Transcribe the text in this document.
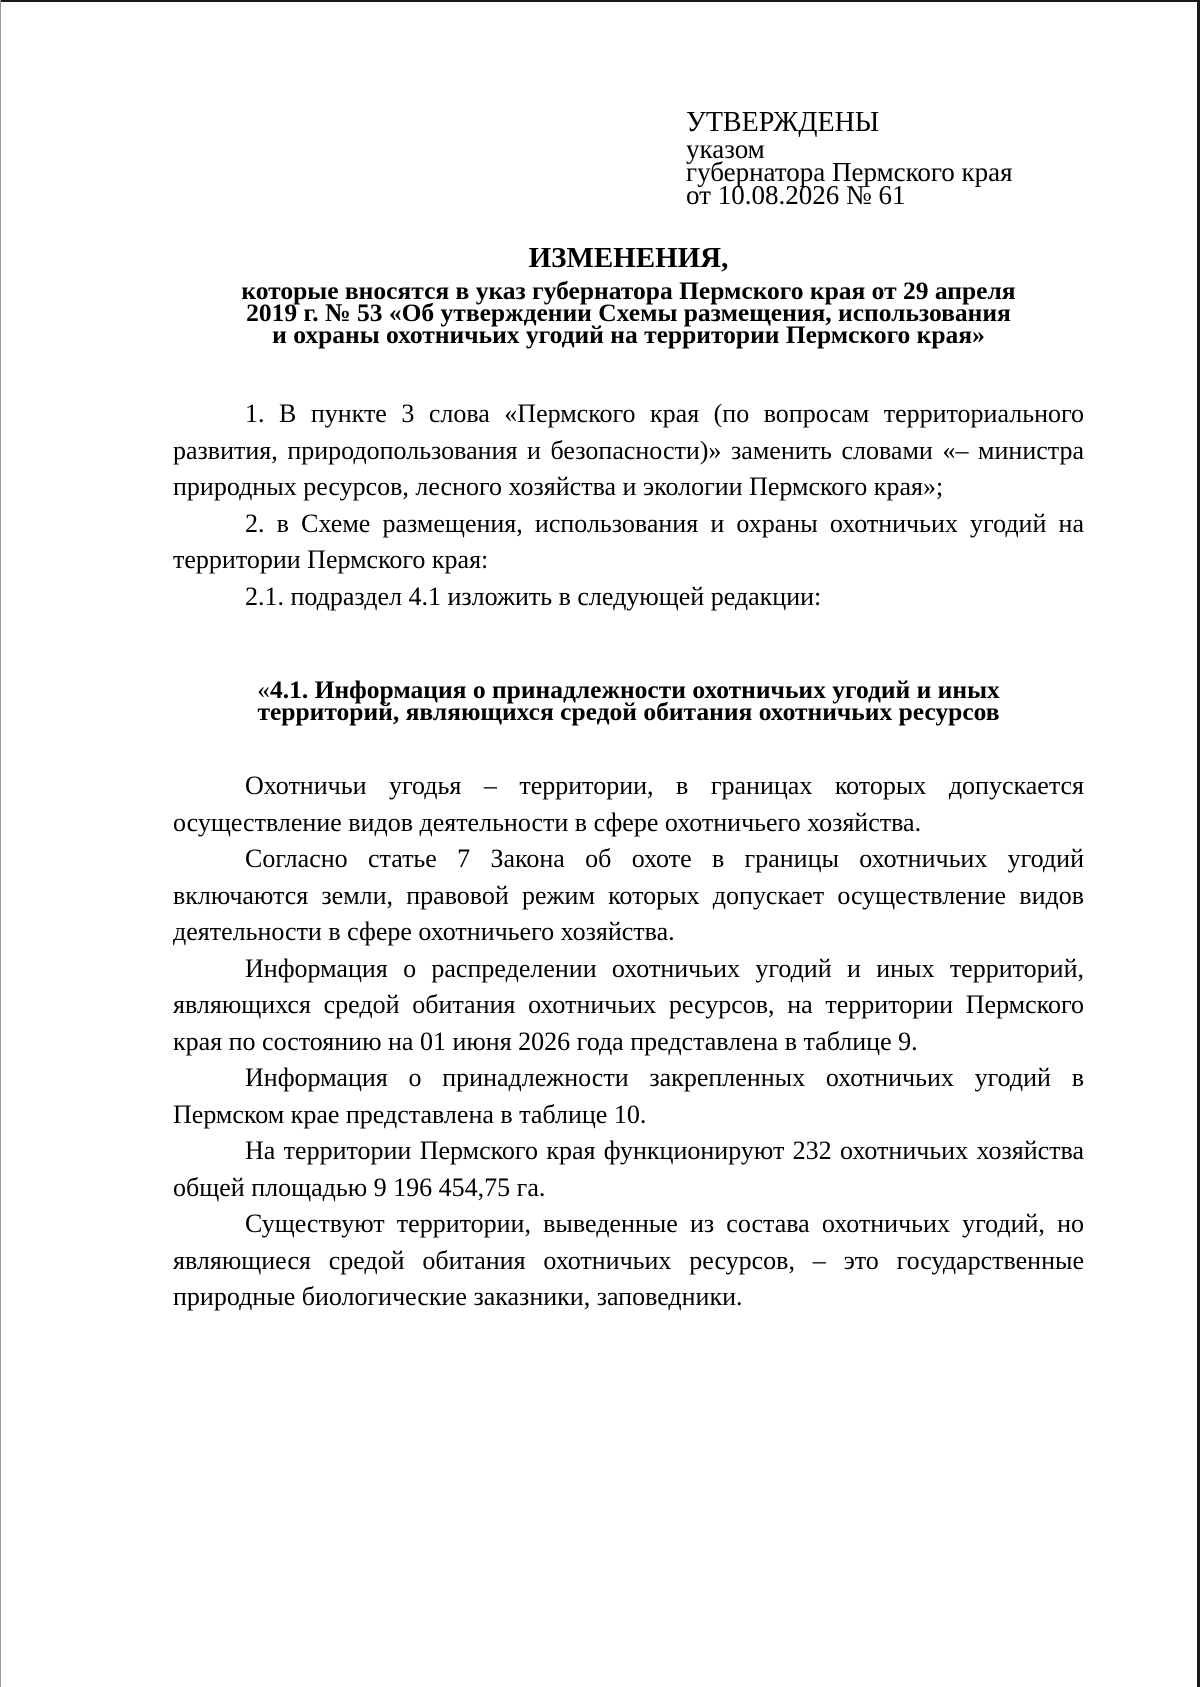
УТВЕРЖДЕНЫ
указом
губернатора Пермского края
от 10.08.2026 № 61
ИЗМЕНЕНИЯ,
которые вносятся в указ губернатора Пермского края от 29 апреля
2019 г. № 53 «Об утверждении Схемы размещения, использования
и охраны охотничьих угодий на территории Пермского края»

1. В пункте 3 слова «Пермского края (по вопросам территориального развития, природопользования и безопасности)» заменить словами «– министра природных ресурсов, лесного хозяйства и экологии Пермского края»;

2. в Схеме размещения, использования и охраны охотничьих угодий на территории Пермского края:

2.1. подраздел 4.1 изложить в следующей редакции:

«4.1. Информация о принадлежности охотничьих угодий и иных
территорий, являющихся средой обитания охотничьих ресурсов

Охотничьи угодья – территории, в границах которых допускается осуществление видов деятельности в сфере охотничьего хозяйства.

Согласно статье 7 Закона об охоте в границы охотничьих угодий включаются земли, правовой режим которых допускает осуществление видов деятельности в сфере охотничьего хозяйства.

Информация о распределении охотничьих угодий и иных территорий, являющихся средой обитания охотничьих ресурсов, на территории Пермского края по состоянию на 01 июня 2026 года представлена в таблице 9.

Информация о принадлежности закрепленных охотничьих угодий в Пермском крае представлена в таблице 10.

На территории Пермского края функционируют 232 охотничьих хозяйства общей площадью 9 196 454,75 га.

Существуют территории, выведенные из состава охотничьих угодий, но являющиеся средой обитания охотничьих ресурсов, – это государственные природные биологические заказники, заповедники.
